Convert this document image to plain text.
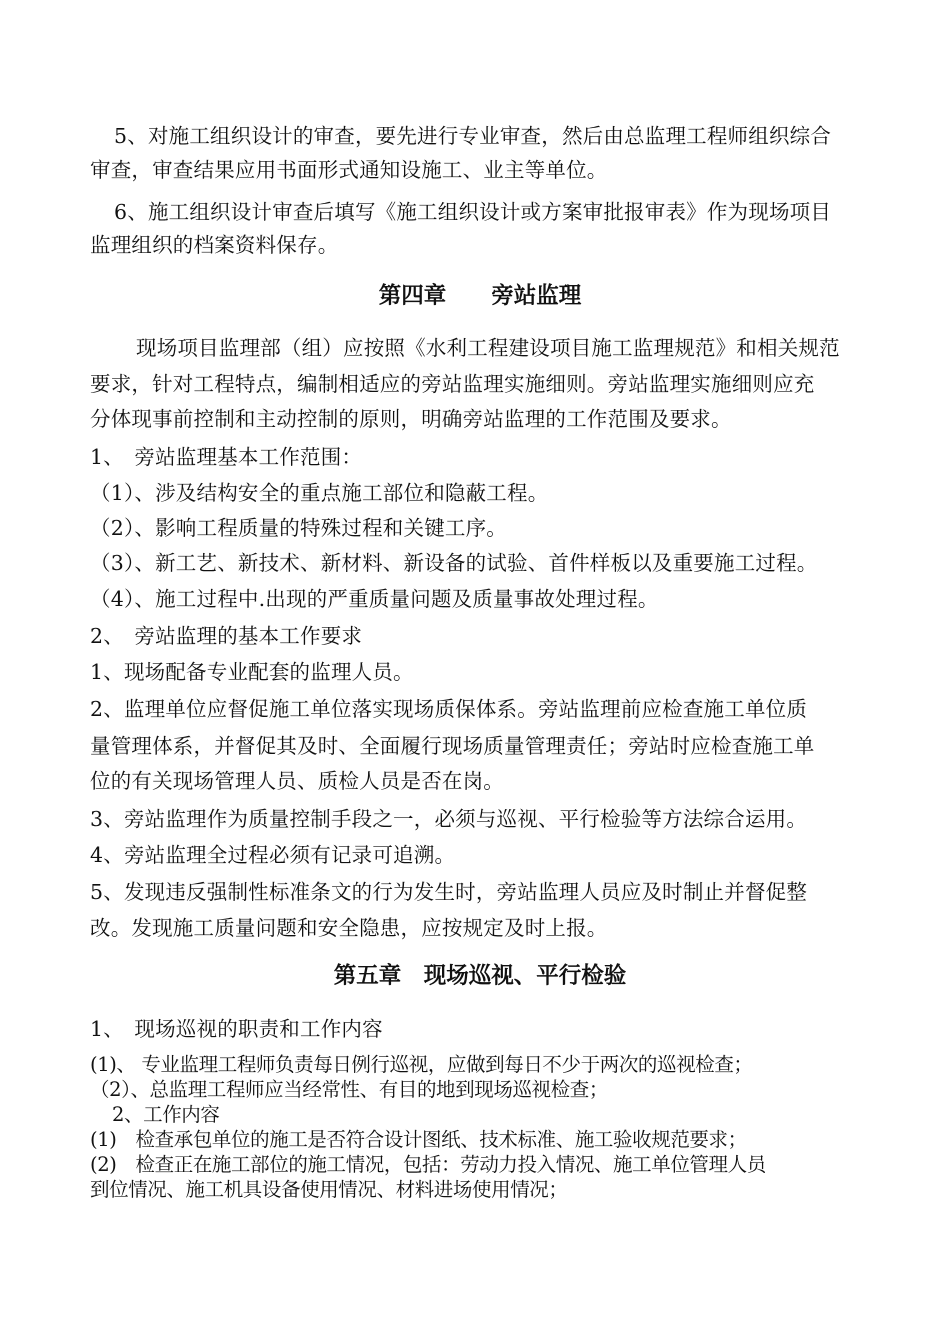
5、对施工组织设计的审查，要先进行专业审查，然后由总监理工程师组织综合
审查，审查结果应用书面形式通知设施工、业主等单位。
6、施工组织设计审查后填写《施工组织设计或方案审批报审表》作为现场项目
监理组织的档案资料保存。
第四章　　旁站监理
现场项目监理部（组）应按照《水利工程建设项目施工监理规范》和相关规范
要求，针对工程特点，编制相适应的旁站监理实施细则。旁站监理实施细则应充
分体现事前控制和主动控制的原则，明确旁站监理的工作范围及要求。
1、　旁站监理基本工作范围：
（1）、涉及结构安全的重点施工部位和隐蔽工程。
（2）、影响工程质量的特殊过程和关键工序。
（3）、新工艺、新技术、新材料、新设备的试验、首件样板以及重要施工过程。
（4）、施工过程中.出现的严重质量问题及质量事故处理过程。
2、　旁站监理的基本工作要求
1、现场配备专业配套的监理人员。
2、监理单位应督促施工单位落实现场质保体系。旁站监理前应检查施工单位质
量管理体系，并督促其及时、全面履行现场质量管理责任；旁站时应检查施工单
位的有关现场管理人员、质检人员是否在岗。
3、旁站监理作为质量控制手段之一，必须与巡视、平行检验等方法综合运用。
4、旁站监理全过程必须有记录可追溯。
5、发现违反强制性标准条文的行为发生时，旁站监理人员应及时制止并督促整
改。发现施工质量问题和安全隐患，应按规定及时上报。
第五章　现场巡视、平行检验
1、　现场巡视的职责和工作内容
(1)、 专业监理工程师负责每日例行巡视，应做到每日不少于两次的巡视检查；
（2）、总监理工程师应当经常性、有目的地到现场巡视检查；
2、工作内容
(1)　检查承包单位的施工是否符合设计图纸、技术标准、施工验收规范要求；
(2)　检查正在施工部位的施工情况，包括：劳动力投入情况、施工单位管理人员
到位情况、施工机具设备使用情况、材料进场使用情况；
